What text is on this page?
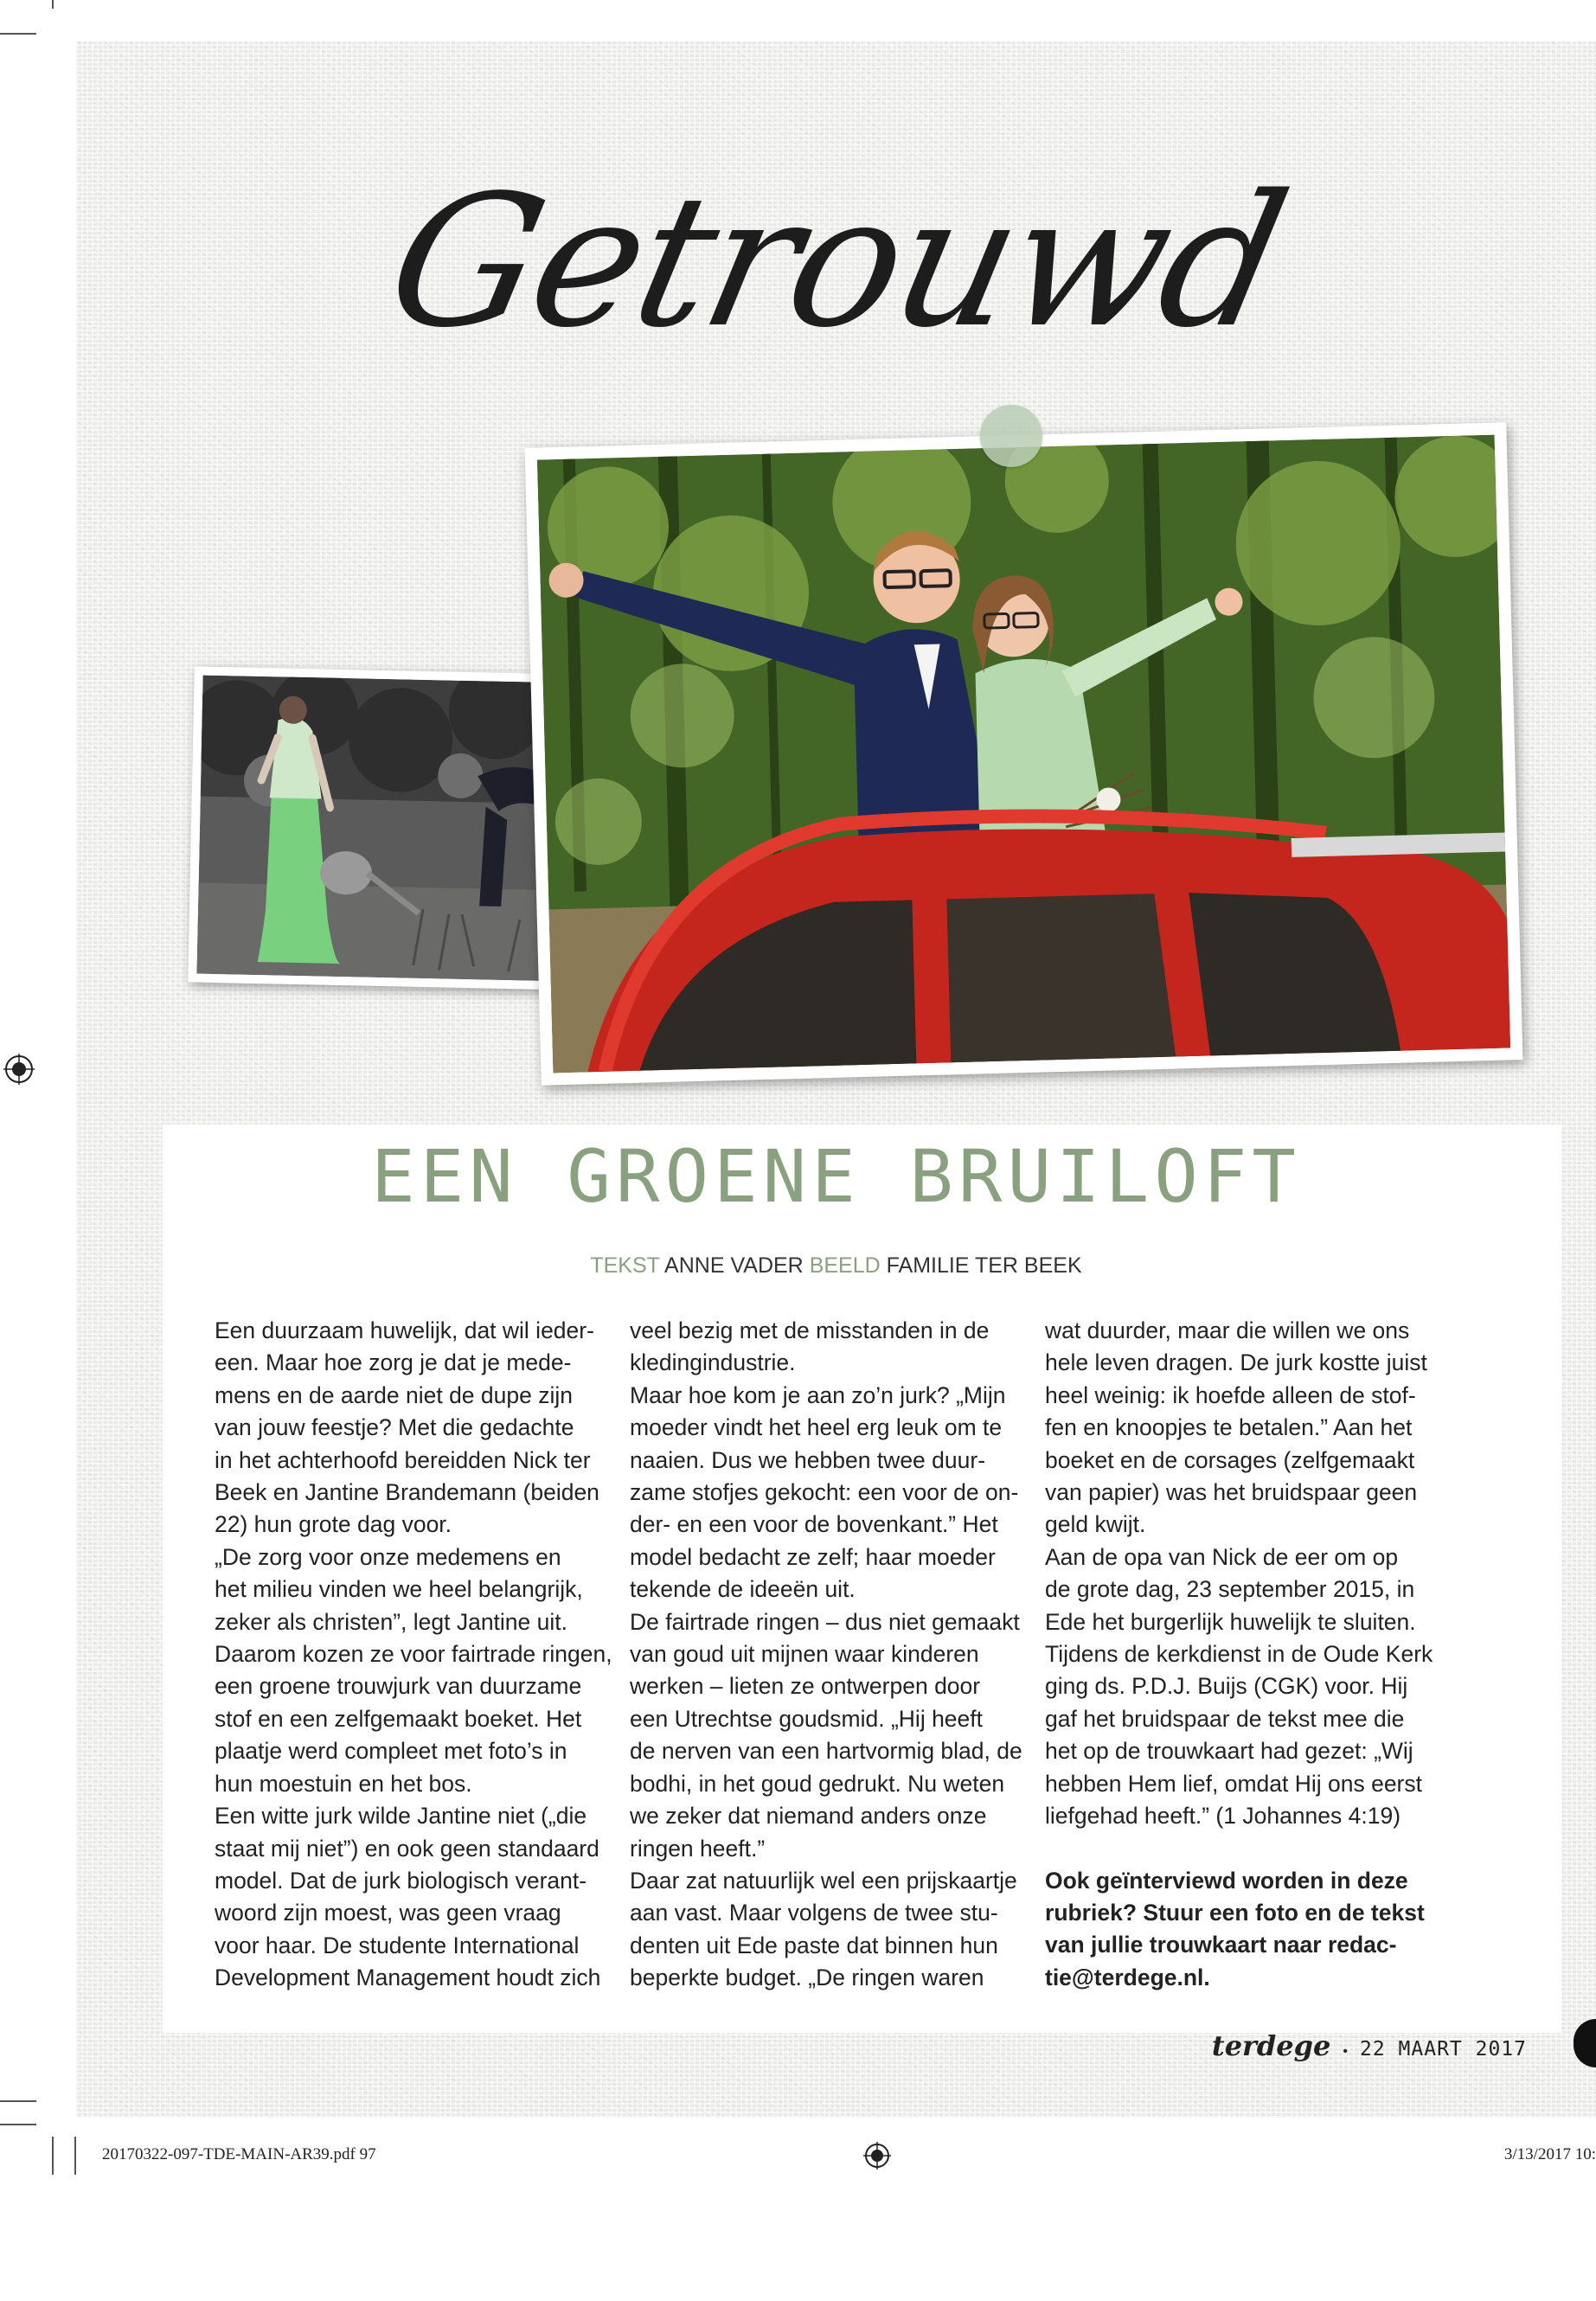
Getrouwd
EEN GROENE BRUILOFT
TEKST ANNE VADER BEELD FAMILIE TER BEEK

Een duurzaam huwelijk, dat wil ieder-

een. Maar hoe zorg je dat je mede-

mens en de aarde niet de dupe zijn

van jouw feestje? Met die gedachte

in het achterhoofd bereidden Nick ter

Beek en Jantine Brandemann (beiden

22) hun grote dag voor.

„De zorg voor onze medemens en

het milieu vinden we heel belangrijk,

zeker als christen”, legt Jantine uit.

Daarom kozen ze voor fairtrade ringen,

een groene trouwjurk van duurzame

stof en een zelfgemaakt boeket. Het

plaatje werd compleet met foto’s in

hun moestuin en het bos.

Een witte jurk wilde Jantine niet („die

staat mij niet”) en ook geen standaard

model. Dat de jurk biologisch verant-

woord zijn moest, was geen vraag

voor haar. De studente International

Development Management houdt zich

veel bezig met de misstanden in de

kledingindustrie.

Maar hoe kom je aan zo’n jurk? „Mijn

moeder vindt het heel erg leuk om te

naaien. Dus we hebben twee duur-

zame stofjes gekocht: een voor de on-

der- en een voor de bovenkant.” Het

model bedacht ze zelf; haar moeder

tekende de ideeën uit.

De fairtrade ringen – dus niet gemaakt

van goud uit mijnen waar kinderen

werken – lieten ze ontwerpen door

een Utrechtse goudsmid. „Hij heeft

de nerven van een hartvormig blad, de

bodhi, in het goud gedrukt. Nu weten

we zeker dat niemand anders onze

ringen heeft.”

Daar zat natuurlijk wel een prijskaartje

aan vast. Maar volgens de twee stu-

denten uit Ede paste dat binnen hun

beperkte budget. „De ringen waren

wat duurder, maar die willen we ons

hele leven dragen. De jurk kostte juist

heel weinig: ik hoefde alleen de stof-

fen en knoopjes te betalen.” Aan het

boeket en de corsages (zelfgemaakt

van papier) was het bruidspaar geen

geld kwijt.

Aan de opa van Nick de eer om op

de grote dag, 23 september 2015, in

Ede het burgerlijk huwelijk te sluiten.

Tijdens de kerkdienst in de Oude Kerk

ging ds. P.D.J. Buijs (CGK) voor. Hij

gaf het bruidspaar de tekst mee die

het op de trouwkaart had gezet: „Wij

hebben Hem lief, omdat Hij ons eerst

liefgehad heeft.” (1 Johannes 4:19)

Ook geïnterviewd worden in deze
rubriek? Stuur een foto en de tekst
van jullie trouwkaart naar redac-
tie@terdege.nl.

terdege • 22 MAART 2017
20170322-097-TDE-MAIN-AR39.pdf 97	3/13/2017 10:
